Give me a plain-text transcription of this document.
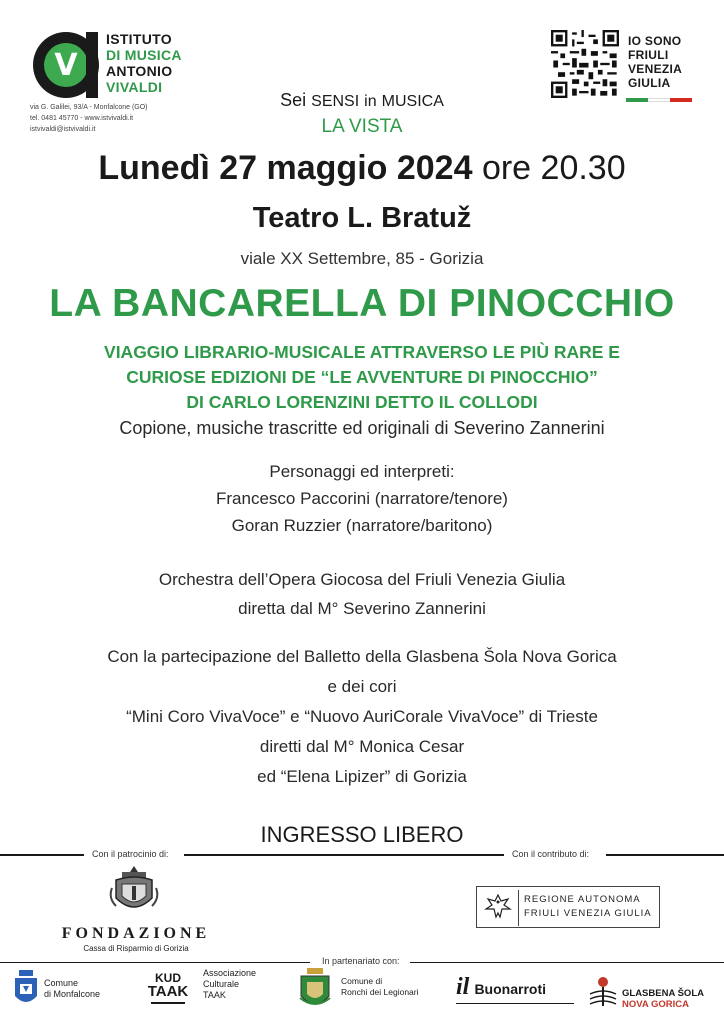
V
ISTITUTO
DI MUSICA
ANTONIO
VIVALDI
via G. Galilei, 93/A - Monfalcone (GO)
tel. 0481 45770 - www.istvivaldi.it
istvivaldi@istvivaldi.it
IO SONO
FRIULI
VENEZIA
GIULIA
Sei SENSI in MUSICA
LA VISTA
Lunedì 27 maggio 2024 ore 20.30
Teatro L. Bratuž
viale XX Settembre, 85 - Gorizia
LA BANCARELLA DI PINOCCHIO
VIAGGIO LIBRARIO-MUSICALE ATTRAVERSO LE PIÙ RARE E
CURIOSE EDIZIONI DE “LE AVVENTURE DI PINOCCHIO”
DI CARLO LORENZINI DETTO IL COLLODI
Copione, musiche trascritte ed originali di Severino Zannerini
Personaggi ed interpreti:
Francesco Paccorini (narratore/tenore)
Goran Ruzzier (narratore/baritono)
Orchestra dell’Opera Giocosa del Friuli Venezia Giulia
diretta dal M° Severino Zannerini
Con la partecipazione del Balletto della Glasbena Šola Nova Gorica
e dei cori
“Mini Coro VivaVoce” e “Nuovo AuriCorale VivaVoce” di Trieste
diretti dal M° Monica Cesar
ed “Elena Lipizer” di Gorizia
INGRESSO LIBERO
Con il patrocinio di:	Con il contributo di:
FONDAZIONE
Cassa di Risparmio di Gorizia
REGIONE AUTONOMA
FRIULI VENEZIA GIULIA
In partenariato con:
Comune
di Monfalcone
KUD
TAAK
Associazione
Culturale
TAAK
Comune di
Ronchi dei Legionari il Buonarroti	GLASBENA ŠOLA
NOVA GORICA
